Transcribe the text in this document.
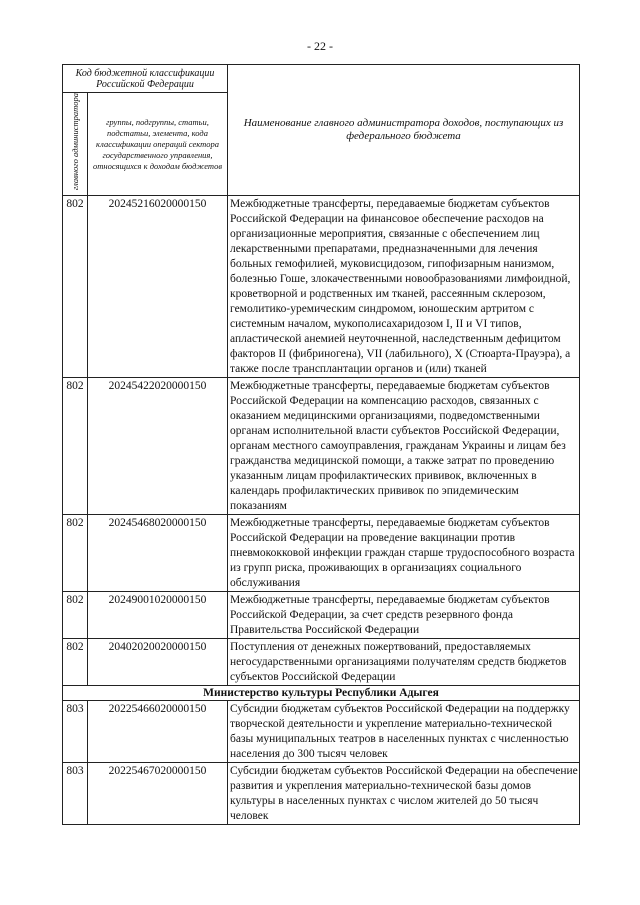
- 22 -
Код бюджетной классификации Российской Федерации		Наименование главного администратора доходов, поступающих из федерального бюджета
главного администратора	группы, подгруппы, статьи, подстатьи, элемента, кода классификации операций сектора государственного управления, относящихся к доходам бюджетов	
802	20245216020000150	Межбюджетные трансферты, передаваемые бюджетам субъектов Российской Федерации на финансовое обеспечение расходов на организационные мероприятия, связанные с обеспечением лиц лекарственными препаратами, предназначенными для лечения больных гемофилией, муковисцидозом, гипофизарным нанизмом, болезнью Гоше, злокачественными новообразованиями лимфоидной, кроветворной и родственных им тканей, рассеянным склерозом, гемолитико-уремическим синдромом, юношеским артритом с системным началом, мукополисахаридозом I, II и VI типов, апластической анемией неуточненной, наследственным дефицитом факторов II (фибриногена), VII (лабильного), X (Стюарта-Прауэра), а также после трансплантации органов и (или) тканей
802	20245422020000150	Межбюджетные трансферты, передаваемые бюджетам субъектов Российской Федерации на компенсацию расходов, связанных с оказанием медицинскими организациями, подведомственными органам исполнительной власти субъектов Российской Федерации, органам местного самоуправления, гражданам Украины и лицам без гражданства медицинской помощи, а также затрат по проведению указанным лицам профилактических прививок, включенных в календарь профилактических прививок по эпидемическим показаниям
802	20245468020000150	Межбюджетные трансферты, передаваемые бюджетам субъектов Российской Федерации на проведение вакцинации против пневмококковой инфекции граждан старше трудоспособного возраста из групп риска, проживающих в организациях социального обслуживания
802	20249001020000150	Межбюджетные трансферты, передаваемые бюджетам субъектов Российской Федерации, за счет средств резервного фонда Правительства Российской Федерации
802	20402020020000150	Поступления от денежных пожертвований, предоставляемых негосударственными организациями получателям средств бюджетов субъектов Российской Федерации
Министерство культуры Республики Адыгея		
803	20225466020000150	Субсидии бюджетам субъектов Российской Федерации на поддержку творческой деятельности и укрепление материально-технической базы муниципальных театров в населенных пунктах с численностью населения до 300 тысяч человек
803	20225467020000150	Субсидии бюджетам субъектов Российской Федерации на обеспечение развития и укрепления материально-технической базы домов культуры в населенных пунктах с числом жителей до 50 тысяч человек
